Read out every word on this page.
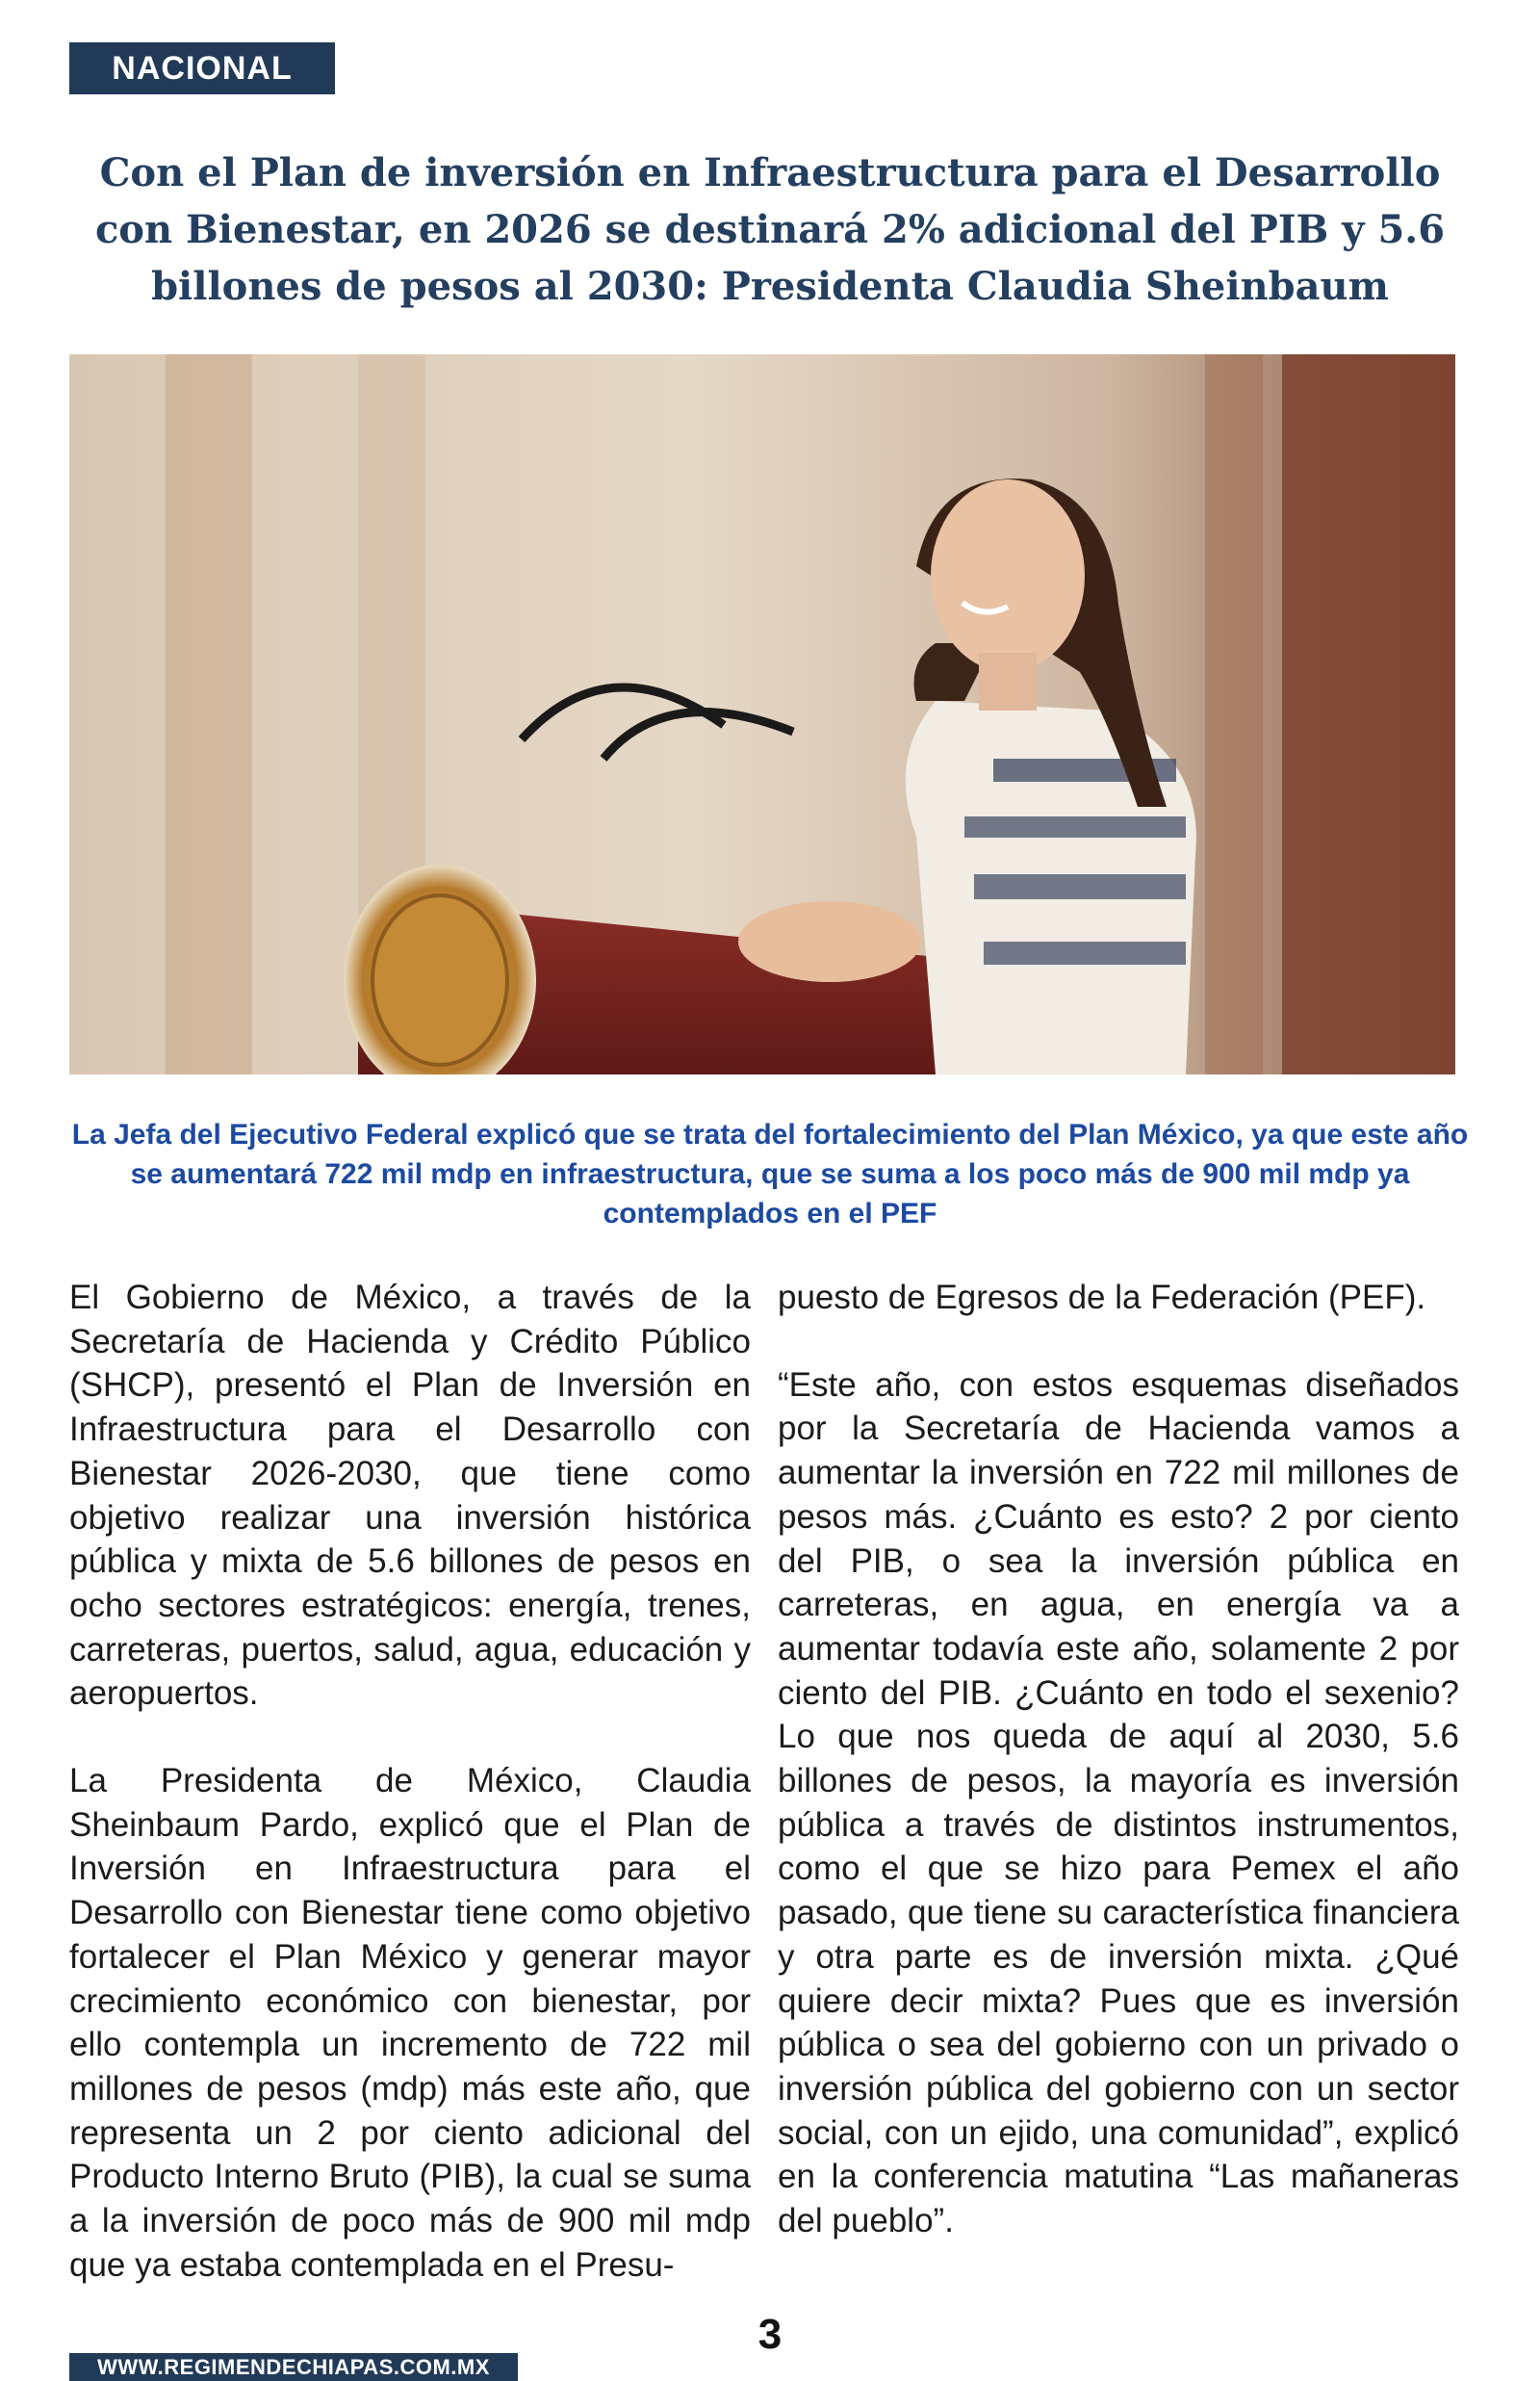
NACIONAL
Con el Plan de inversión en Infraestructura para el Desarrollo con Bienestar, en 2026 se destinará 2% adicional del PIB y 5.6 billones de pesos al 2030: Presidenta Claudia Sheinbaum

La Jefa del Ejecutivo Federal explicó que se trata del fortalecimiento del Plan México, ya que este año se aumentará 722 mil mdp en infraestructura, que se suma a los poco más de 900 mil mdp ya contemplados en el PEF

El Gobierno de México, a través de la Secretaría de Hacienda y Crédito Público (SHCP), presentó el Plan de Inversión en Infraestructura para el Desarrollo con Bienestar 2026-2030, que tiene como objetivo realizar una inversión histórica pública y mixta de 5.6 billones de pesos en ocho sectores estratégicos: energía, trenes, carreteras, puertos, salud, agua, educación y aeropuertos.

La Presidenta de México, Claudia Sheinbaum Pardo, explicó que el Plan de Inversión en Infraestructura para el Desarrollo con Bienestar tiene como objetivo fortalecer el Plan México y generar mayor crecimiento económico con bienestar, por ello contempla un incremento de 722 mil millones de pesos (mdp) más este año, que representa un 2 por ciento adicional del Producto Interno Bruto (PIB), la cual se suma a la inversión de poco más de 900 mil mdp que ya estaba contemplada en el Presu-

puesto de Egresos de la Federación (PEF).

“Este año, con estos esquemas diseñados por la Secretaría de Hacienda vamos a aumentar la inversión en 722 mil millones de pesos más. ¿Cuánto es esto? 2 por ciento del PIB, o sea la inversión pública en carreteras, en agua, en energía va a aumentar todavía este año, solamente 2 por ciento del PIB. ¿Cuánto en todo el sexenio? Lo que nos queda de aquí al 2030, 5.6 billones de pesos, la mayoría es inversión pública a través de distintos instrumentos, como el que se hizo para Pemex el año pasado, que tiene su característica financiera y otra parte es de inversión mixta. ¿Qué quiere decir mixta? Pues que es inversión pública o sea del gobierno con un privado o inversión pública del gobierno con un sector social, con un ejido, una comunidad”, explicó en la conferencia matutina “Las mañaneras del pueblo”.

3
WWW.REGIMENDECHIAPAS.COM.MX
